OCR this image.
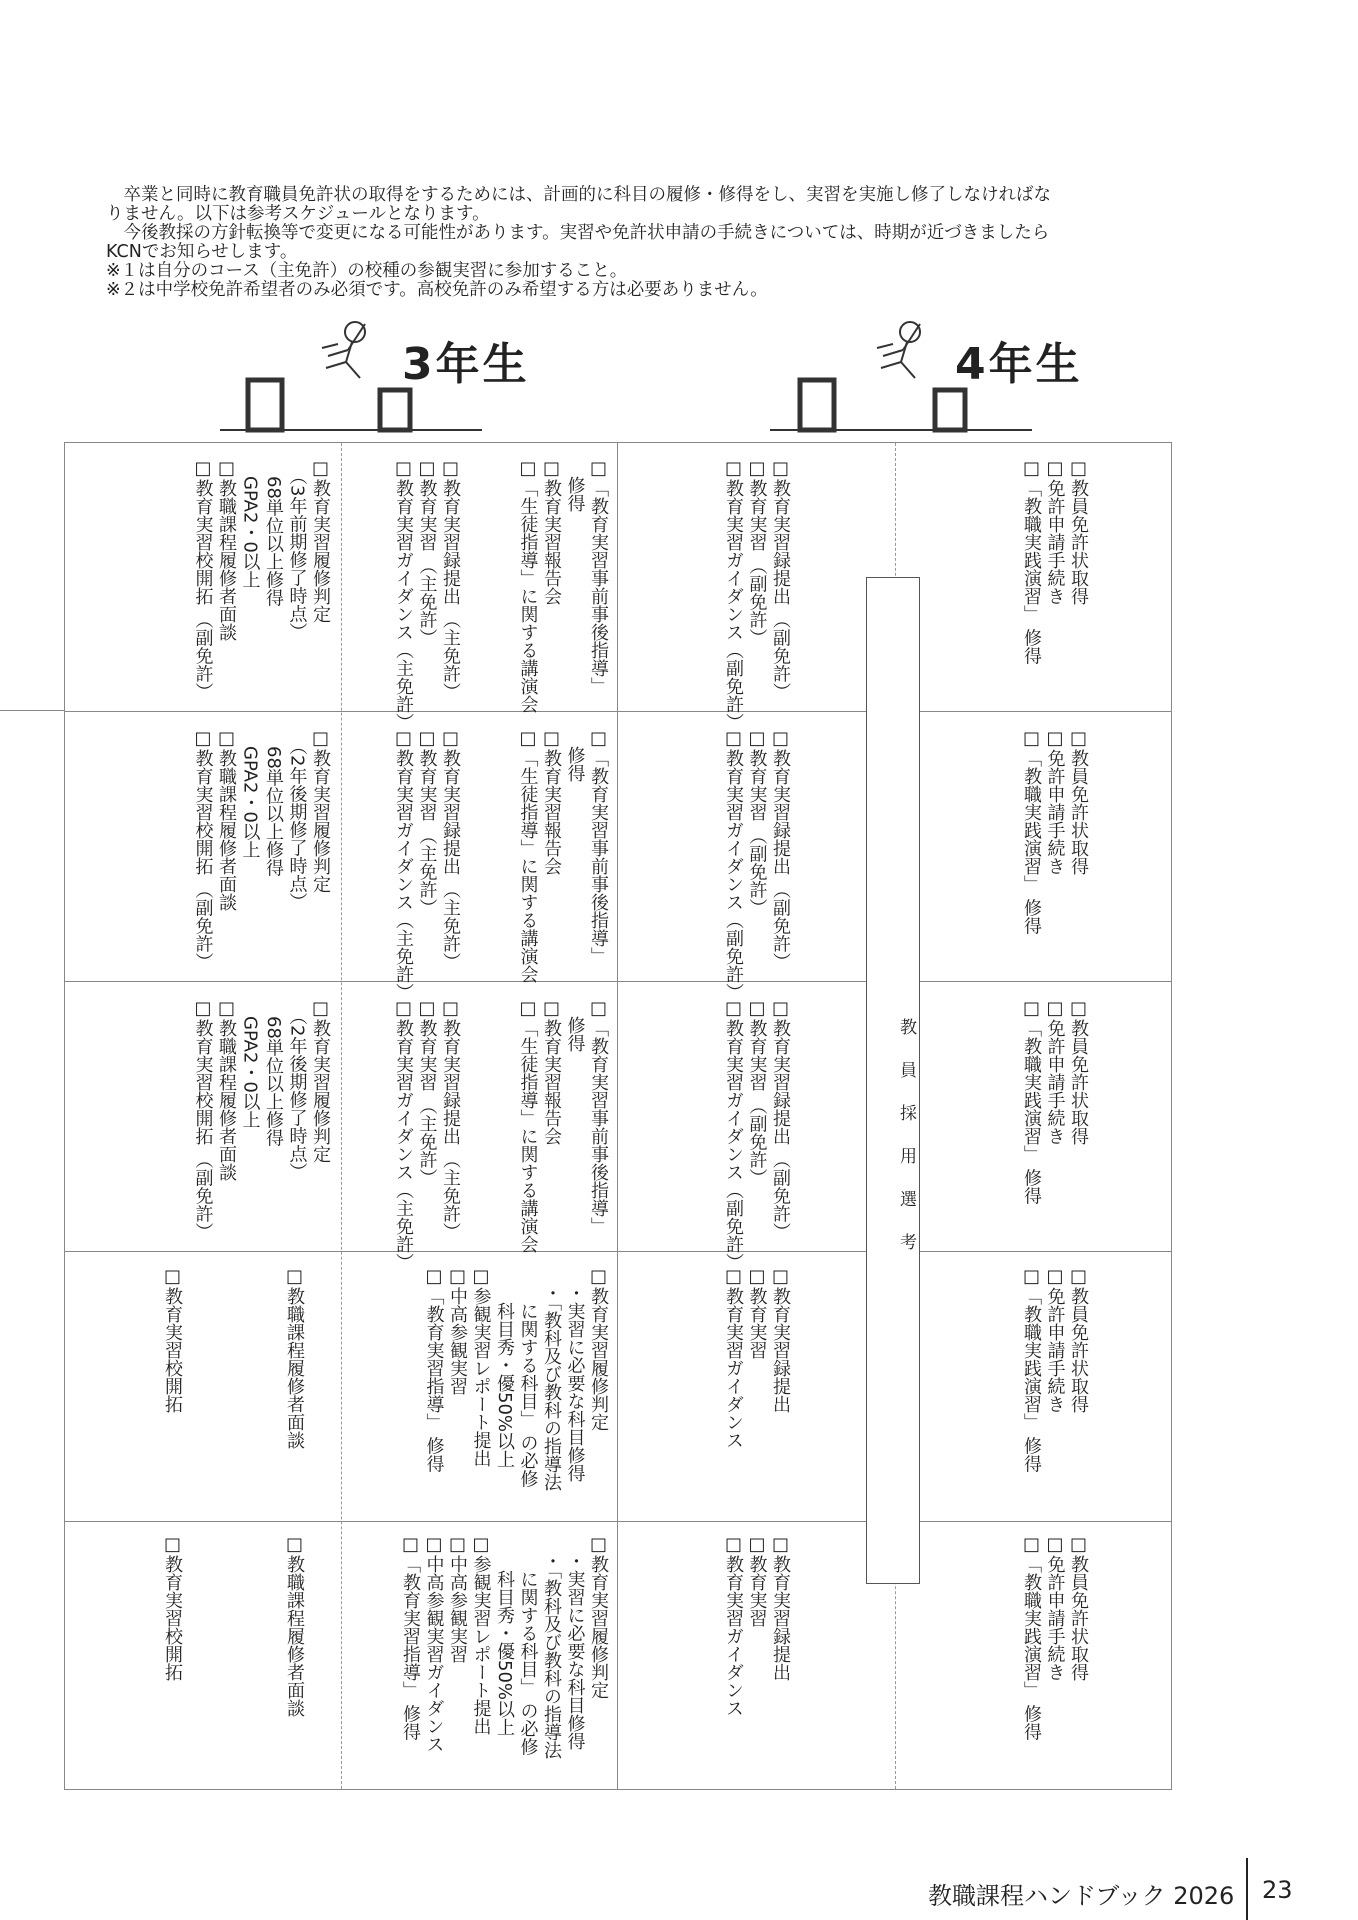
　卒業と同時に教育職員免許状の取得をするためには、計画的に科目の履修・修得をし、実習を実施し修了しなければな

りません。以下は参考スケジュールとなります。

　今後教採の方針転換等で変更になる可能性があります。実習や免許状申請の手続きについては、時期が近づきましたら

KCNでお知らせします。

※１は自分のコース（主免許）の校種の参観実習に参加すること。

※２は中学校免許希望者のみ必須です。高校免許のみ希望する方は必要ありません。

3年生	4年生
教員採用選考
□教員免許状取得
□免許申請手続き
□「教職実践演習」 修得
□教育実習録提出 （副免許）
□教育実習 （副免許）
□教育実習ガイダンス（副免許）
□「教育実習事前事後指導」
　修得
□教育実習報告会
□「生徒指導」に関する講演会
□教育実習録提出 （主免許）
□教育実習 （主免許）
□教育実習ガイダンス（主免許）
□教育実習履修判定
　（3年前期修了時点）
　68単位以上修得
　GPA2・0以上
□教職課程履修者面談
□教育実習校開拓 （副免許）
□教員免許状取得
□免許申請手続き
□「教職実践演習」 修得
□教育実習録提出 （副免許）
□教育実習 （副免許）
□教育実習ガイダンス（副免許）
□「教育実習事前事後指導」
　修得
□教育実習報告会
□「生徒指導」に関する講演会
□教育実習録提出 （主免許）
□教育実習 （主免許）
□教育実習ガイダンス（主免許）
□教育実習履修判定
　（2年後期修了時点）
　68単位以上修得
　GPA2・0以上
□教職課程履修者面談
□教育実習校開拓 （副免許）
□教員免許状取得
□免許申請手続き
□「教職実践演習」 修得
□教育実習録提出 （副免許）
□教育実習 （副免許）
□教育実習ガイダンス（副免許）
□「教育実習事前事後指導」
　修得
□教育実習報告会
□「生徒指導」に関する講演会
□教育実習録提出 （主免許）
□教育実習 （主免許）
□教育実習ガイダンス（主免許）
□教育実習履修判定
　（2年後期修了時点）
　68単位以上修得
　GPA2・0以上
□教職課程履修者面談
□教育実習校開拓 （副免許）
□教員免許状取得
□免許申請手続き
□「教職実践演習」 修得
□教育実習録提出
□教育実習
□教育実習ガイダンス
□教育実習履修判定
　・実習に必要な科目修得
　・「教科及び教科の指導法
　　に関する科目」 の必修
　　科目秀・優50%以上
□参観実習レポート提出
□中高参観実習
□「教育実習指導」 修得
□教職課程履修者面談
□教育実習校開拓
□教員免許状取得
□免許申請手続き
□「教職実践演習」 修得
□教育実習録提出
□教育実習
□教育実習ガイダンス
□教育実習履修判定
　・実習に必要な科目修得
　・「教科及び教科の指導法
　　に関する科目」 の必修
　　科目秀・優50%以上
□参観実習レポート提出
□中高参観実習
□中高参観実習ガイダンス
□「教育実習指導」 修得
□教職課程履修者面談
□教育実習校開拓
教職課程ハンドブック 2026 23
